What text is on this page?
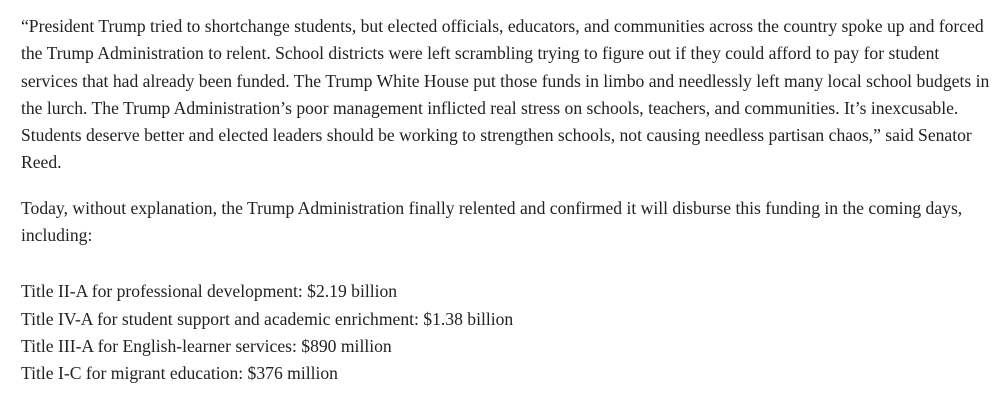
“President Trump tried to shortchange students, but elected officials, educators, and communities across the country spoke up and forced the Trump Administration to relent. School districts were left scrambling trying to figure out if they could afford to pay for student services that had already been funded. The Trump White House put those funds in limbo and needlessly left many local school budgets in the lurch. The Trump Administration’s poor management inflicted real stress on schools, teachers, and communities. It’s inexcusable. Students deserve better and elected leaders should be working to strengthen schools, not causing needless partisan chaos,” said Senator Reed.

Today, without explanation, the Trump Administration finally relented and confirmed it will disburse this funding in the coming days, including:

Title II-A for professional development: $2.19 billion
Title IV-A for student support and academic enrichment: $1.38 billion
Title III-A for English-learner services: $890 million
Title I-C for migrant education: $376 million
